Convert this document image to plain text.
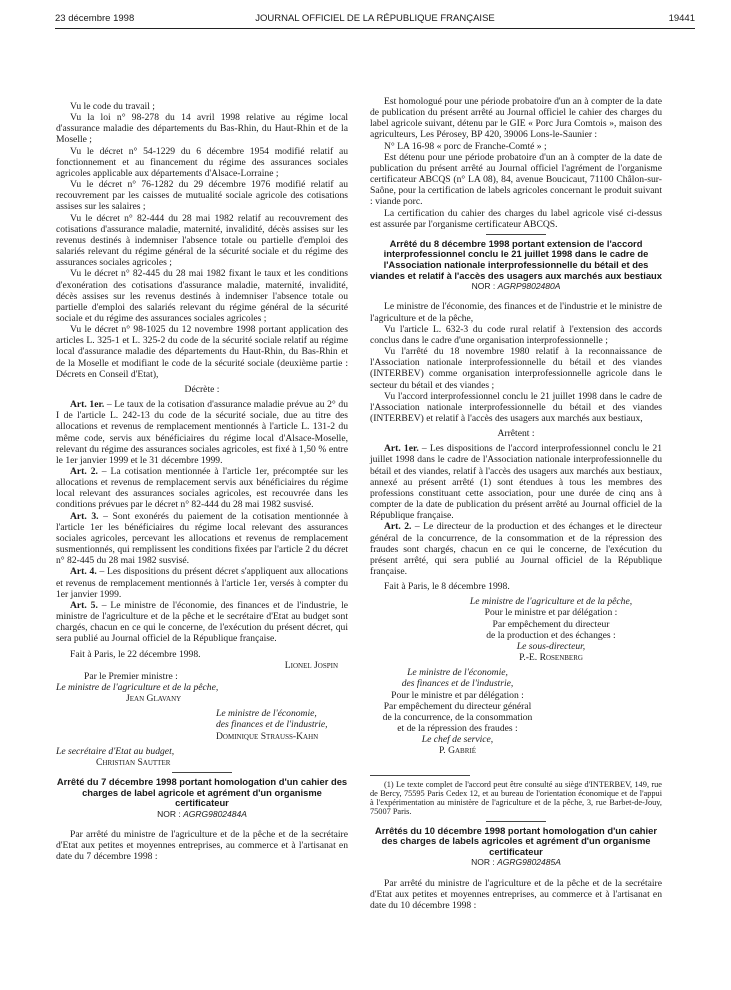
23 décembre 1998	JOURNAL OFFICIEL DE LA RÉPUBLIQUE FRANÇAISE	19441

Vu le code du travail ;

Vu la loi n° 98-278 du 14 avril 1998 relative au régime local d'assurance maladie des départements du Bas-Rhin, du Haut-Rhin et de la Moselle ;

Vu le décret n° 54-1229 du 6 décembre 1954 modifié relatif au fonctionnement et au financement du régime des assurances sociales agricoles applicable aux départements d'Alsace-Lorraine ;

Vu le décret n° 76-1282 du 29 décembre 1976 modifié relatif au recouvrement par les caisses de mutualité sociale agricole des cotisations assises sur les salaires ;

Vu le décret n° 82-444 du 28 mai 1982 relatif au recouvrement des cotisations d'assurance maladie, maternité, invalidité, décès assises sur les revenus destinés à indemniser l'absence totale ou partielle d'emploi des salariés relevant du régime général de la sécurité sociale et du régime des assurances sociales agricoles ;

Vu le décret n° 82-445 du 28 mai 1982 fixant le taux et les conditions d'exonération des cotisations d'assurance maladie, maternité, invalidité, décès assises sur les revenus destinés à indemniser l'absence totale ou partielle d'emploi des salariés relevant du régime général de la sécurité sociale et du régime des assurances sociales agricoles ;

Vu le décret n° 98-1025 du 12 novembre 1998 portant application des articles L. 325-1 et L. 325-2 du code de la sécurité sociale relatif au régime local d'assurance maladie des départements du Haut-Rhin, du Bas-Rhin et de la Moselle et modifiant le code de la sécurité sociale (deuxième partie : Décrets en Conseil d'Etat),

Décrète :

Art. 1er. – Le taux de la cotisation d'assurance maladie prévue au 2° du I de l'article L. 242-13 du code de la sécurité sociale, due au titre des allocations et revenus de remplacement mentionnés à l'article L. 131-2 du même code, servis aux bénéficiaires du régime local d'Alsace-Moselle, relevant du régime des assurances sociales agricoles, est fixé à 1,50 % entre le 1er janvier 1999 et le 31 décembre 1999.

Art. 2. – La cotisation mentionnée à l'article 1er, précomptée sur les allocations et revenus de remplacement servis aux bénéficiaires du régime local relevant des assurances sociales agricoles, est recouvrée dans les conditions prévues par le décret n° 82-444 du 28 mai 1982 susvisé.

Art. 3. – Sont exonérés du paiement de la cotisation mentionnée à l'article 1er les bénéficiaires du régime local relevant des assurances sociales agricoles, percevant les allocations et revenus de remplacement susmentionnés, qui remplissent les conditions fixées par l'article 2 du décret n° 82-445 du 28 mai 1982 susvisé.

Art. 4. – Les dispositions du présent décret s'appliquent aux allocations et revenus de remplacement mentionnés à l'article 1er, versés à compter du 1er janvier 1999.

Art. 5. – Le ministre de l'économie, des finances et de l'industrie, le ministre de l'agriculture et de la pêche et le secrétaire d'Etat au budget sont chargés, chacun en ce qui le concerne, de l'exécution du présent décret, qui sera publié au Journal officiel de la République française.

Fait à Paris, le 22 décembre 1998.

Lionel Jospin

Par le Premier ministre :

Le ministre de l'agriculture et de la pêche,

Jean Glavany

Le ministre de l'économie,

des finances et de l'industrie,

Dominique Strauss-Kahn

Le secrétaire d'Etat au budget,

Christian Sautter

Arrêté du 7 décembre 1998 portant homologation d'un cahier des charges de label agricole et agrément d'un organisme certificateur

NOR : AGRG9802484A

Par arrêté du ministre de l'agriculture et de la pêche et de la secrétaire d'Etat aux petites et moyennes entreprises, au commerce et à l'artisanat en date du 7 décembre 1998 :

Est homologué pour une période probatoire d'un an à compter de la date de publication du présent arrêté au Journal officiel le cahier des charges du label agricole suivant, détenu par le GIE « Porc Jura Comtois », maison des agriculteurs, Les Pérosey, BP 420, 39006 Lons-le-Saunier :

N° LA 16-98 « porc de Franche-Comté » ;

Est détenu pour une période probatoire d'un an à compter de la date de publication du présent arrêté au Journal officiel l'agrément de l'organisme certificateur ABCQS (n° LA 08), 84, avenue Boucicaut, 71100 Châlon-sur-Saône, pour la certification de labels agricoles concernant le produit suivant : viande porc.

La certification du cahier des charges du label agricole visé ci-dessus est assurée par l'organisme certificateur ABCQS.

Arrêté du 8 décembre 1998 portant extension de l'accord interprofessionnel conclu le 21 juillet 1998 dans le cadre de l'Association nationale interprofessionnelle du bétail et des viandes et relatif à l'accès des usagers aux marchés aux bestiaux

NOR : AGRP9802480A

Le ministre de l'économie, des finances et de l'industrie et le ministre de l'agriculture et de la pêche,

Vu l'article L. 632-3 du code rural relatif à l'extension des accords conclus dans le cadre d'une organisation interprofessionnelle ;

Vu l'arrêté du 18 novembre 1980 relatif à la reconnaissance de l'Association nationale interprofessionnelle du bétail et des viandes (INTERBEV) comme organisation interprofessionnelle agricole dans le secteur du bétail et des viandes ;

Vu l'accord interprofessionnel conclu le 21 juillet 1998 dans le cadre de l'Association nationale interprofessionnelle du bétail et des viandes (INTERBEV) et relatif à l'accès des usagers aux marchés aux bestiaux,

Arrêtent :

Art. 1er. – Les dispositions de l'accord interprofessionnel conclu le 21 juillet 1998 dans le cadre de l'Association nationale interprofessionnelle du bétail et des viandes, relatif à l'accès des usagers aux marchés aux bestiaux, annexé au présent arrêté (1) sont étendues à tous les membres des professions constituant cette association, pour une durée de cinq ans à compter de la date de publication du présent arrêté au Journal officiel de la République française.

Art. 2. – Le directeur de la production et des échanges et le directeur général de la concurrence, de la consommation et de la répression des fraudes sont chargés, chacun en ce qui le concerne, de l'exécution du présent arrêté, qui sera publié au Journal officiel de la République française.

Fait à Paris, le 8 décembre 1998.

Le ministre de l'agriculture et de la pêche,
Pour le ministre et par délégation :
Par empêchement du directeur
de la production et des échanges :
Le sous-directeur,
P.-E. Rosenberg
Le ministre de l'économie,
des finances et de l'industrie,
Pour le ministre et par délégation :
Par empêchement du directeur général
de la concurrence, de la consommation
et de la répression des fraudes :
Le chef de service,
P. Gabrié

(1) Le texte complet de l'accord peut être consulté au siège d'INTERBEV, 149, rue de Bercy, 75595 Paris Cedex 12, et au bureau de l'orientation économique et de l'appui à l'expérimentation au ministère de l'agriculture et de la pêche, 3, rue Barbet-de-Jouy, 75007 Paris.

Arrêtés du 10 décembre 1998 portant homologation d'un cahier des charges de labels agricoles et agrément d'un organisme certificateur

NOR : AGRG9802485A

Par arrêté du ministre de l'agriculture et de la pêche et de la secrétaire d'Etat aux petites et moyennes entreprises, au commerce et à l'artisanat en date du 10 décembre 1998 :
